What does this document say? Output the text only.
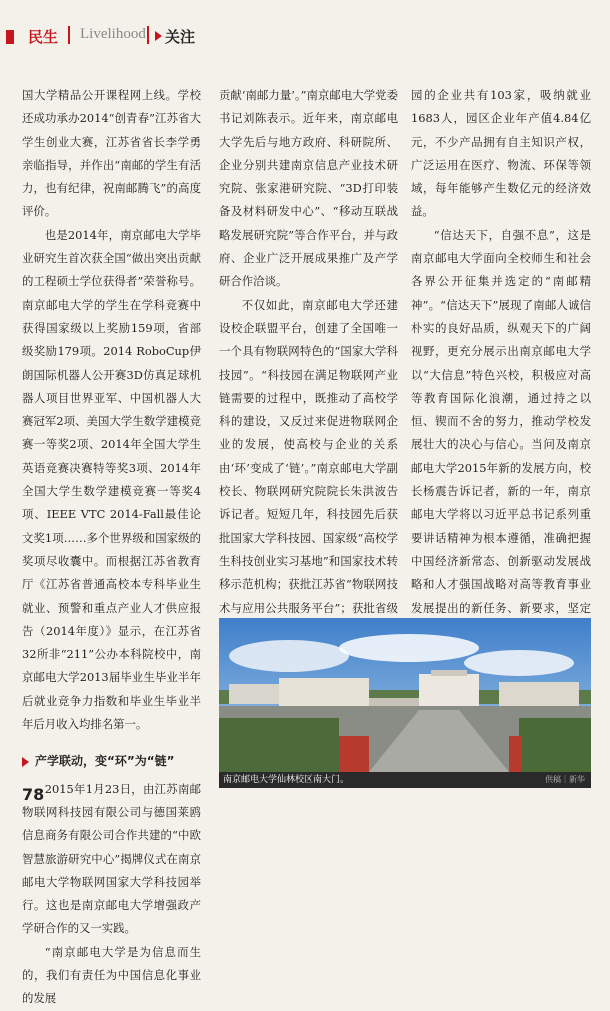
民生 Livelihood 关注

国大学精品公开课程网上线。学校还成功承办2014“创青春”江苏省大学生创业大赛，江苏省省长李学勇亲临指导，并作出“南邮的学生有活力，也有纪律，祝南邮腾飞”的高度评价。

也是2014年，南京邮电大学毕业研究生首次获全国“做出突出贡献的工程硕士学位获得者”荣誉称号。南京邮电大学的学生在学科竞赛中获得国家级以上奖励159项，省部级奖励179项。2014 RoboCup伊朗国际机器人公开赛3D仿真足球机器人项目世界亚军、中国机器人大赛冠军2项、美国大学生数学建模竞赛一等奖2项、2014年全国大学生英语竞赛决赛特等奖3项、2014年全国大学生数学建模竞赛一等奖4项、IEEE VTC 2014-Fall最佳论文奖1项……多个世界级和国家级的奖项尽收囊中。而根据江苏省教育厅《江苏省普通高校本专科毕业生就业、预警和重点产业人才供应报告（2014年度）》显示，在江苏省32所非“211”公办本科院校中，南京邮电大学2013届毕业生毕业半年后就业竞争力指数和毕业生毕业半年后月收入均排名第一。

产学联动，变“环”为“链”

2015年1月23日，由江苏南邮物联网科技园有限公司与德国莱鸥信息商务有限公司合作共建的“中欧智慧旅游研究中心”揭牌仪式在南京邮电大学物联网国家大学科技园举行。这也是南京邮电大学增强政产学研合作的又一实践。

“南京邮电大学是为信息而生的，我们有责任为中国信息化事业的发展

贡献‘南邮力量’。”南京邮电大学党委书记刘陈表示。近年来，南京邮电大学先后与地方政府、科研院所、企业分别共建南京信息产业技术研究院、张家港研究院、“3D打印装备及材料研发中心”、“移动互联战略发展研究院”等合作平台，并与政府、企业广泛开展成果推广及产学研合作洽谈。

不仅如此，南京邮电大学还建设校企联盟平台，创建了全国唯一一个具有物联网特色的“国家大学科技园”。“科技园在满足物联网产业链需要的过程中，既推动了高校学科的建设，又反过来促进物联网企业的发展，使高校与企业的关系由‘环’变成了‘链’。”南京邮电大学副校长、物联网研究院院长朱洪波告诉记者。短短几年，科技园先后获批国家大学科技园、国家级“高校学生科技创业实习基地”和国家技术转移示范机构；获批江苏省“物联网技术与应用公共服务平台”；获批省级

园的企业共有103家，吸纳就业1683人，园区企业年产值4.84亿元，不少产品拥有自主知识产权，广泛运用在医疗、物流、环保等领域，每年能够产生数亿元的经济效益。

“信达天下，自强不息”，这是南京邮电大学面向全校师生和社会各界公开征集并选定的“南邮精神”。“信达天下”展现了南邮人诚信朴实的良好品质，纵观天下的广阔视野，更充分展示出南京邮电大学以“大信息”特色兴校，积极应对高等教育国际化浪潮，通过持之以恒、锲而不舍的努力，推动学校发展壮大的决心与信心。当问及南京邮电大学2015年新的发展方向，校长杨震告诉记者，新的一年，南京邮电大学将以习近平总书记系列重要讲话精神为根本遵循，准确把握中国经济新常态、创新驱动发展战略和人才强国战略对高等教育事业发展提出的新任务、新要求，坚定

南京邮电大学仙林校区南大门。	供稿｜新华
78
